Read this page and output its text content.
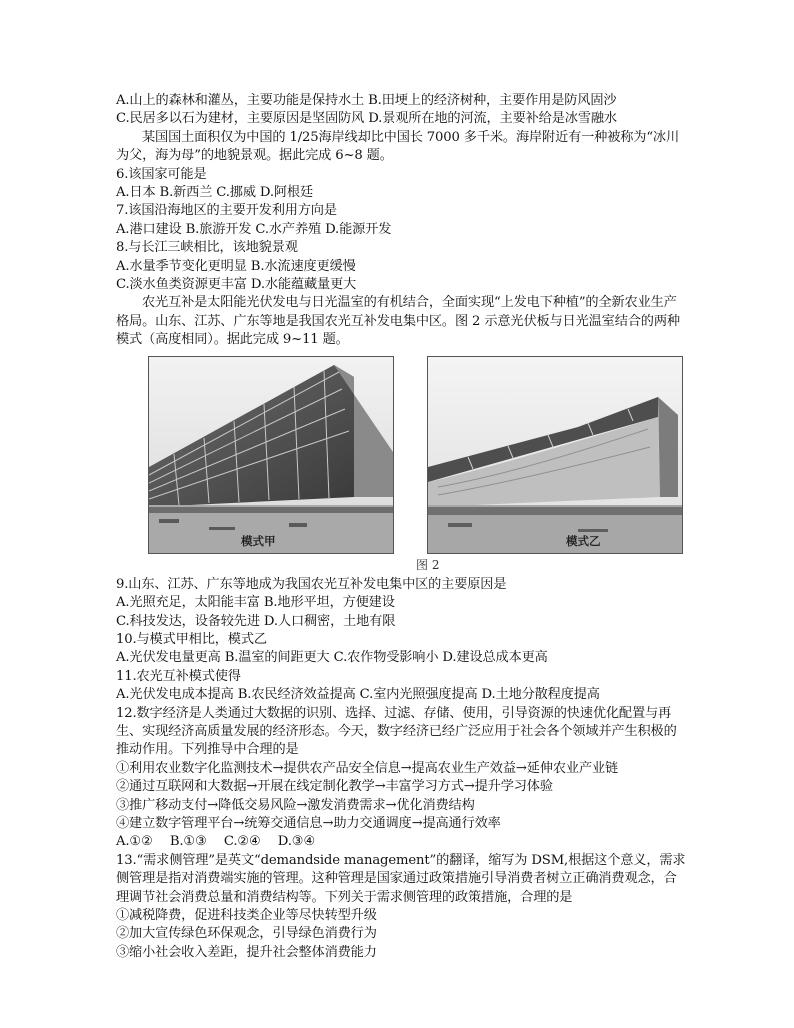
A.山上的森林和灌丛，主要功能是保持水土 B.田埂上的经济树种，主要作用是防风固沙

C.民居多以石为建材，主要原因是坚固防风 D.景观所在地的河流，主要补给是冰雪融水

某国国土面积仅为中国的 1/25海岸线却比中国长 7000 多千米。海岸附近有一种被称为“冰川为父，海为母”的地貌景观。据此完成 6~8 题。

6.该国家可能是

A.日本 B.新西兰 C.挪威 D.阿根廷

7.该国沿海地区的主要开发利用方向是

A.港口建设 B.旅游开发 C.水产养殖 D.能源开发

8.与长江三峡相比，该地貌景观

A.水量季节变化更明显 B.水流速度更缓慢

C.淡水鱼类资源更丰富 D.水能蕴藏量更大

农光互补是太阳能光伏发电与日光温室的有机结合，全面实现“上发电下种植”的全新农业生产格局。山东、江苏、广东等地是我国农光互补发电集中区。图 2 示意光伏板与日光温室结合的两种模式（高度相同）。据此完成 9~11 题。

模式甲	模式乙
图 2

9.山东、江苏、广东等地成为我国农光互补发电集中区的主要原因是

A.光照充足，太阳能丰富 B.地形平坦，方便建设

C.科技发达，设备较先进 D.人口稠密，土地有限

10.与模式甲相比，模式乙

A.光伏发电量更高 B.温室的间距更大 C.农作物受影响小 D.建设总成本更高

11.农光互补模式使得

A.光伏发电成本提高 B.农民经济效益提高 C.室内光照强度提高 D.土地分散程度提高

12.数字经济是人类通过大数据的识别、选择、过滤、存储、使用，引导资源的快速优化配置与再生、实现经济高质量发展的经济形态。今天，数字经济已经广泛应用于社会各个领域并产生积极的推动作用。下列推导中合理的是

①利用农业数字化监测技术→提供农产品安全信息→提高农业生产效益→延伸农业产业链

②通过互联网和大数据→开展在线定制化教学→丰富学习方式→提升学习体验

③推广移动支付→降低交易风险→激发消费需求→优化消费结构

④建立数字管理平台→统筹交通信息→助力交通调度→提高通行效率

A.①②　 B.①③　 C.②④　 D.③④

13.“需求侧管理”是英文“demandside management”的翻译，缩写为 DSM,根据这个意义，需求侧管理是指对消费端实施的管理。这种管理是国家通过政策措施引导消费者树立正确消费观念，合理调节社会消费总量和消费结构等。下列关于需求侧管理的政策措施，合理的是

①减税降费，促进科技类企业等尽快转型升级

②加大宣传绿色环保观念，引导绿色消费行为

③缩小社会收入差距，提升社会整体消费能力
